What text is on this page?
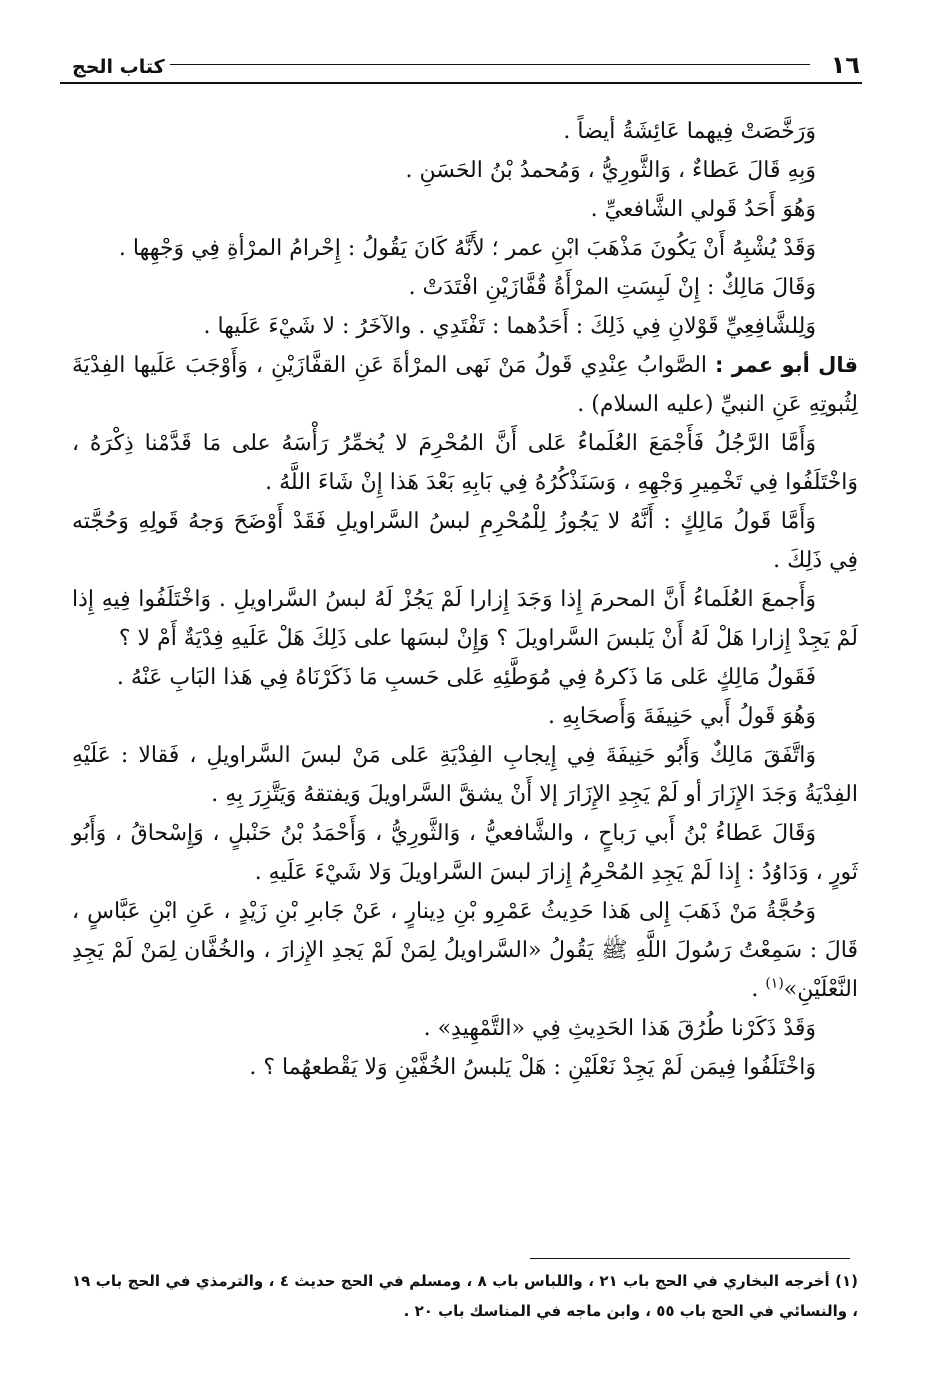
١٦
كتاب الحج

وَرَخَّصَتْ فِيهما عَائِشَةُ أيضاً .

وَبِهِ قَالَ عَطاءٌ ، وَالثَّورِيُّ ، وَمُحمدُ بْنُ الحَسَنِ .

وَهُوَ أَحَدُ قَولي الشَّافعيِّ .

وَقَدْ يُشْبِهُ أَنْ يَكُونَ مَذْهَبَ ابْنِ عمر ؛ لأَنَّهُ كَانَ يَقُولُ : إِحْرامُ المرْأةِ فِي وَجْهِها .

وَقَالَ مَالِكٌ : إِنْ لَبِسَتِ المرْأَةُ قُفَّازَيْنِ افْتَدَتْ .

وَلِلشَّافِعِيِّ قَوْلانِ فِي ذَلِكَ : أَحَدُهما : تَفْتَدِي . والآخَرُ : لا شَيْءَ عَلَيها .

قال أبو عمر : الصَّوابُ عِنْدِي قَولُ مَنْ نَهى المرْأةَ عَنِ القفَّازَيْنِ ، وَأَوْجَبَ عَلَيها الفِدْيَةَ لِثُبوتِهِ عَنِ النبيِّ (عليه السلام) .

وَأَمَّا الرَّجُلُ فَأَجْمَعَ العُلَماءُ عَلى أَنَّ المُحْرِمَ لا يُخمِّرُ رَأْسَهُ على مَا قَدَّمْنا ذِكْرَهُ ، وَاخْتَلَفُوا فِي تَخْمِيرِ وَجْهِهِ ، وَسَنَذْكُرُهُ فِي بَابِهِ بَعْدَ هَذا إِنْ شَاءَ اللَّهُ .

وَأَمَّا قَولُ مَالِكٍ : أَنَّهُ لا يَجُوزُ لِلْمُحْرِمِ لبسُ السَّراويلِ فَقَدْ أَوْضَحَ وَجهُ قَولِهِ وَحُجَّته فِي ذَلِكَ .

وَأَجمعَ العُلَماءُ أَنَّ المحرمَ إِذا وَجَدَ إِزارا لَمْ يَجُزْ لَهُ لبسُ السَّراويلِ . وَاخْتَلَفُوا فِيهِ إِذا لَمْ يَجِدْ إِزارا هَلْ لَهُ أَنْ يَلبسَ السَّراويلَ ؟ وَإِنْ لبسَها على ذَلِكَ هَلْ عَلَيهِ فِدْيَةٌ أَمْ لا ؟

فَقَولُ مَالِكٍ عَلى مَا ذَكرهُ فِي مُوَطَّئِهِ عَلى حَسبِ مَا ذَكَرْنَاهُ فِي هَذا البَابِ عَنْهُ .

وَهُوَ قَولُ أَبي حَنِيفَةَ وَأَصحَابِهِ .

وَاتَّفَقَ مَالِكٌ وَأَبُو حَنِيفَةَ فِي إِيجابِ الفِدْيَةِ عَلى مَنْ لبسَ السَّراويلِ ، فَقالا : عَلَيْهِ الفِدْيَةُ وَجَدَ الإِزَارَ أو لَمْ يَجِدِ الإِزَارَ إلا أَنْ يشقَّ السَّراويلَ وَيفتقهُ وَيَتَّزِرَ بِهِ .

وَقَالَ عَطاءُ بْنُ أَبي رَباحٍ ، والشَّافعيُّ ، وَالثَّورِيُّ ، وَأَحْمَدُ بْنُ حَنْبلٍ ، وَإِسْحاقُ ، وَأَبُو ثَورٍ ، وَدَاوُدُ : إِذا لَمْ يَجِدِ المُحْرِمُ إِزارَ لبسَ السَّراويلَ وَلا شَيْءَ عَلَيهِ .

وَحُجَّةُ مَنْ ذَهَبَ إِلى هَذا حَدِيثُ عَمْرِو بْنِ دِينارٍ ، عَنْ جَابرِ بْنِ زَيْدٍ ، عَنِ ابْنِ عَبَّاسٍ ، قَالَ : سَمِعْتُ رَسُولَ اللَّهِ ﷺ يَقُولُ «السَّراويلُ لِمَنْ لَمْ يَجدِ الإِزارَ ، والخُفَّان لِمَنْ لَمْ يَجِدِ النَّعْلَيْنِ»$^{(١)}$ .

وَقَدْ ذَكَرْنا طُرُقَ هَذا الحَدِيثِ فِي «التَّمْهِيدِ» .

وَاخْتَلَفُوا فِيمَن لَمْ يَجِدْ نَعْلَيْنِ : هَلْ يَلبسُ الخُفَّيْنِ وَلا يَقْطعهُما ؟ .

(١) أخرجه البخاري في الحج باب ٢١ ، واللباس باب ٨ ، ومسلم في الحج حديث ٤ ، والترمذي في الحج باب ١٩ ، والنسائي في الحج باب ٥٥ ، وابن ماجه في المناسك باب ٢٠ .
